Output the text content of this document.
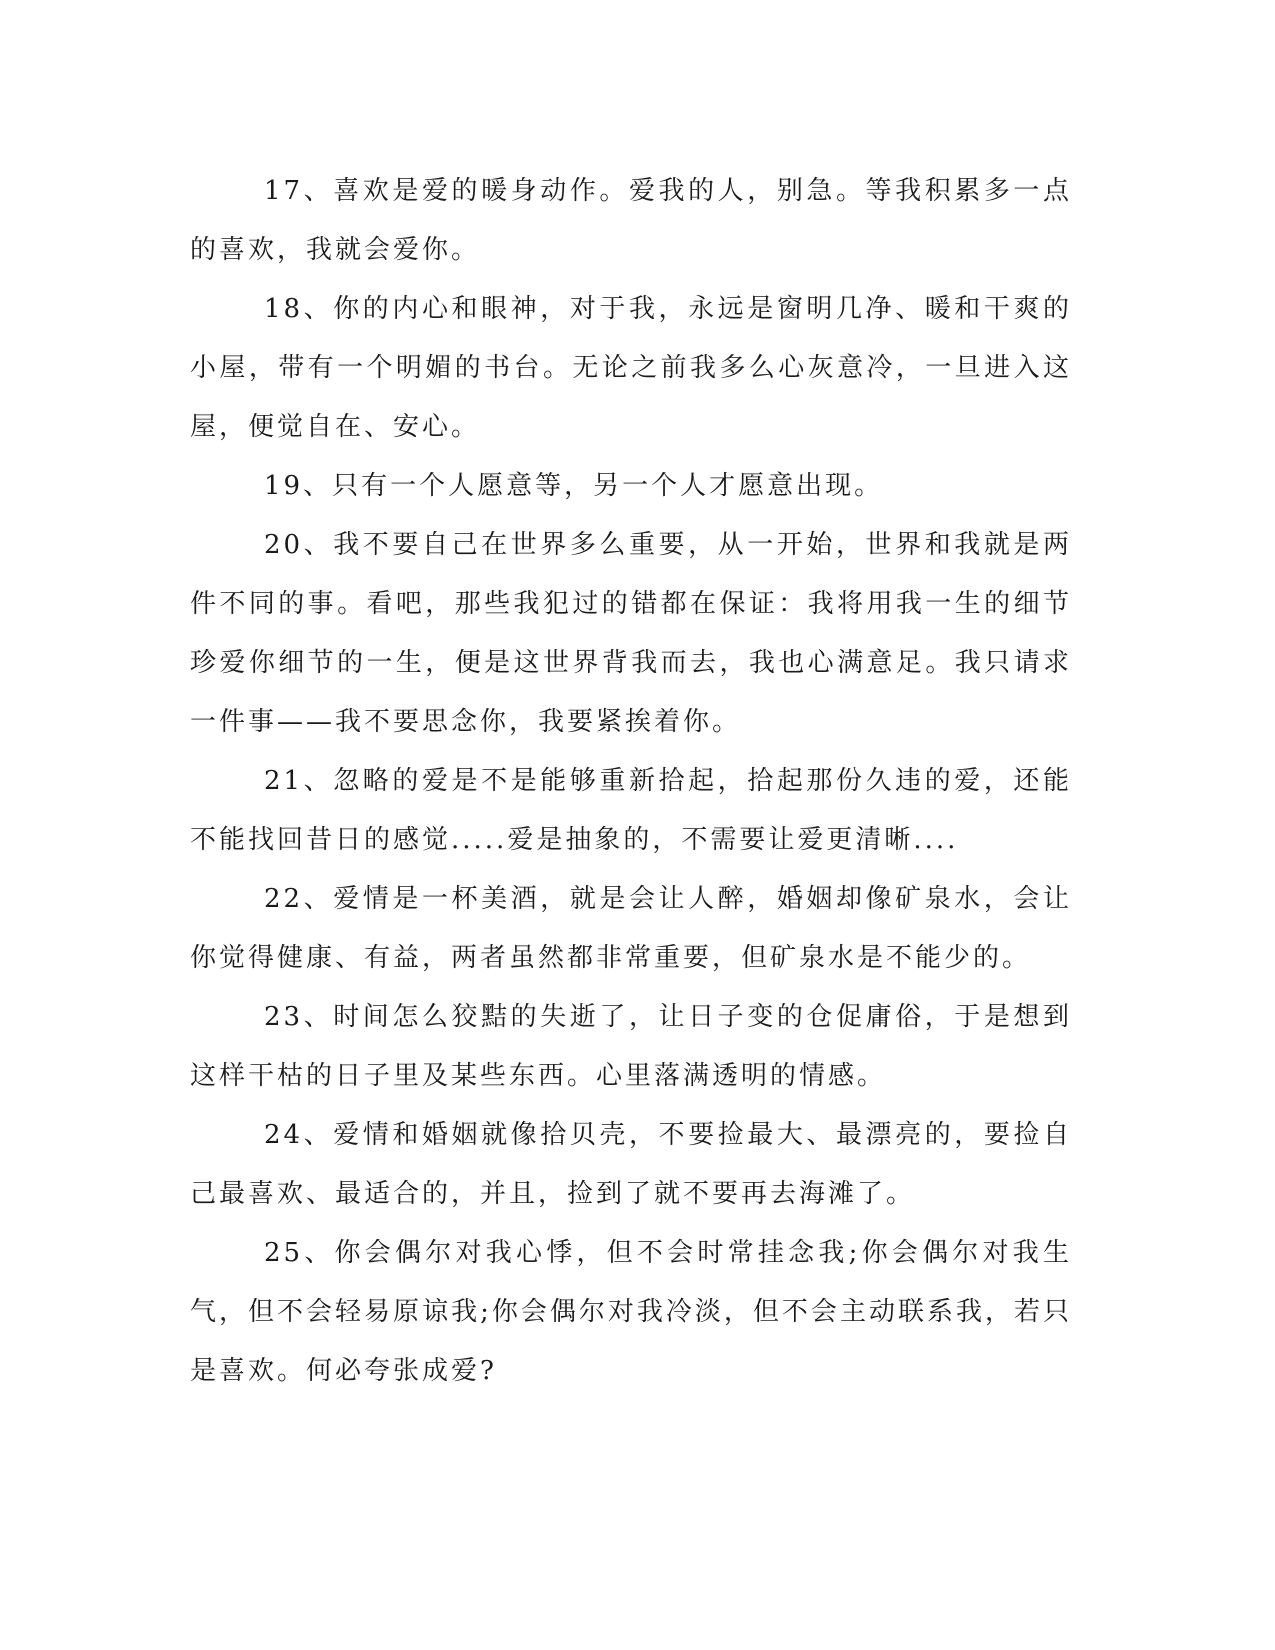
17、喜欢是爱的暖身动作。爱我的人，别急。等我积累多一点的喜欢，我就会爱你。

18、你的内心和眼神，对于我，永远是窗明几净、暖和干爽的小屋，带有一个明媚的书台。无论之前我多么心灰意冷，一旦进入这屋，便觉自在、安心。

19、只有一个人愿意等，另一个人才愿意出现。

20、我不要自己在世界多么重要，从一开始，世界和我就是两件不同的事。看吧，那些我犯过的错都在保证：我将用我一生的细节珍爱你细节的一生，便是这世界背我而去，我也心满意足。我只请求一件事——我不要思念你，我要紧挨着你。

21、忽略的爱是不是能够重新拾起，拾起那份久违的爱，还能不能找回昔日的感觉.....爱是抽象的，不需要让爱更清晰....

22、爱情是一杯美酒，就是会让人醉，婚姻却像矿泉水，会让你觉得健康、有益，两者虽然都非常重要，但矿泉水是不能少的。

23、时间怎么狡黠的失逝了，让日子变的仓促庸俗，于是想到这样干枯的日子里及某些东西。心里落满透明的情感。

24、爱情和婚姻就像拾贝壳，不要捡最大、最漂亮的，要捡自己最喜欢、最适合的，并且，捡到了就不要再去海滩了。

25、你会偶尔对我心悸，但不会时常挂念我;你会偶尔对我生气，但不会轻易原谅我;你会偶尔对我冷淡，但不会主动联系我，若只是喜欢。何必夸张成爱?
